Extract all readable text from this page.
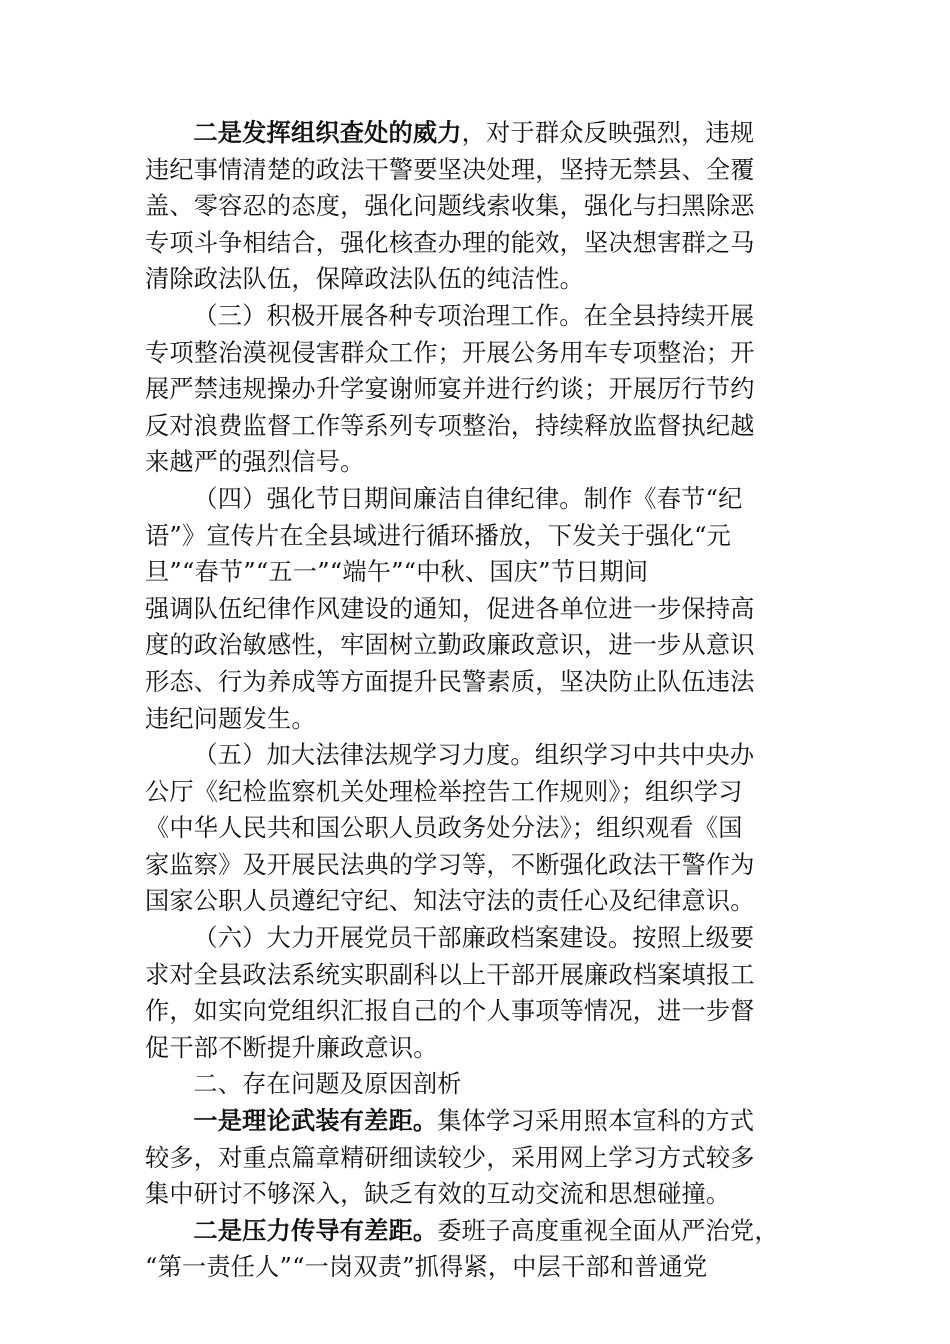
二是发挥组织查处的威力，对于群众反映强烈，违规
违纪事情清楚的政法干警要坚决处理，坚持无禁县、全覆
盖、零容忍的态度，强化问题线索收集，强化与扫黑除恶
专项斗争相结合，强化核查办理的能效，坚决想害群之马
清除政法队伍，保障政法队伍的纯洁性。
（三）积极开展各种专项治理工作。在全县持续开展
专项整治漠视侵害群众工作；开展公务用车专项整治；开
展严禁违规操办升学宴谢师宴并进行约谈；开展厉行节约
反对浪费监督工作等系列专项整治，持续释放监督执纪越
来越严的强烈信号。
（四）强化节日期间廉洁自律纪律。制作《春节“纪
语”》宣传片在全县域进行循环播放，下发关于强化“元
旦”“春节”“五一”“端午”“中秋、国庆”节日期间
强调队伍纪律作风建设的通知，促进各单位进一步保持高
度的政治敏感性，牢固树立勤政廉政意识，进一步从意识
形态、行为养成等方面提升民警素质，坚决防止队伍违法
违纪问题发生。
（五）加大法律法规学习力度。组织学习中共中央办
公厅《纪检监察机关处理检举控告工作规则》；组织学习
《中华人民共和国公职人员政务处分法》；组织观看《国
家监察》及开展民法典的学习等，不断强化政法干警作为
国家公职人员遵纪守纪、知法守法的责任心及纪律意识。
（六）大力开展党员干部廉政档案建设。按照上级要
求对全县政法系统实职副科以上干部开展廉政档案填报工
作，如实向党组织汇报自己的个人事项等情况，进一步督
促干部不断提升廉政意识。
二、存在问题及原因剖析
一是理论武装有差距。集体学习采用照本宣科的方式
较多，对重点篇章精研细读较少，采用网上学习方式较多
集中研讨不够深入，缺乏有效的互动交流和思想碰撞。
二是压力传导有差距。委班子高度重视全面从严治党，
“第一责任人”“一岗双责”抓得紧，中层干部和普通党
